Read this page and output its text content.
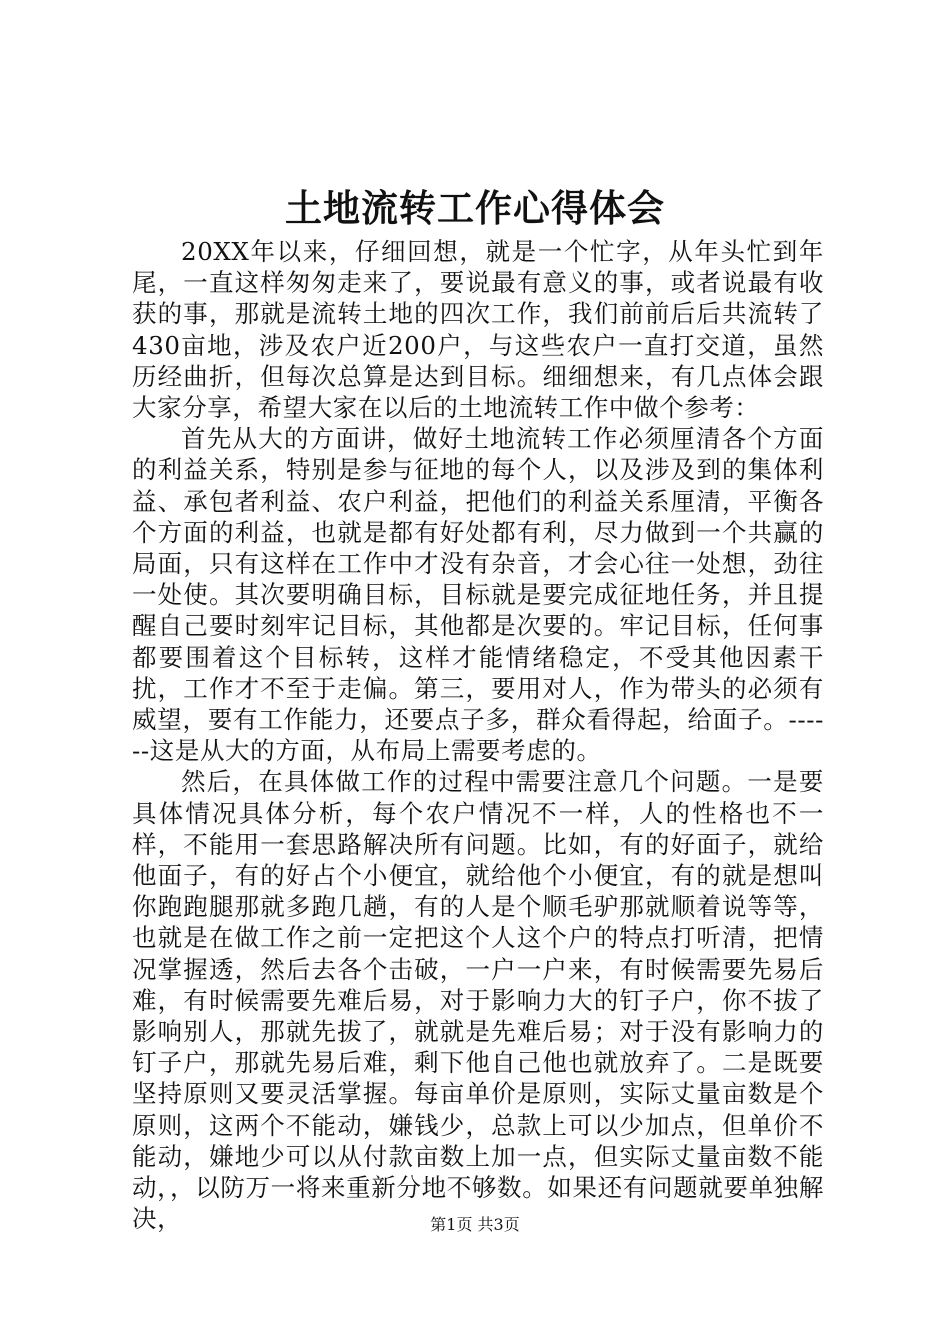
土地流转工作心得体会

20XX年以来，仔细回想，就是一个忙字，从年头忙到年尾，一直这样匆匆走来了，要说最有意义的事，或者说最有收获的事，那就是流转土地的四次工作，我们前前后后共流转了430亩地，涉及农户近200户，与这些农户一直打交道，虽然历经曲折，但每次总算是达到目标。细细想来，有几点体会跟大家分享，希望大家在以后的土地流转工作中做个参考：

首先从大的方面讲，做好土地流转工作必须厘清各个方面的利益关系，特别是参与征地的每个人，以及涉及到的集体利益、承包者利益、农户利益，把他们的利益关系厘清，平衡各个方面的利益，也就是都有好处都有利，尽力做到一个共赢的局面，只有这样在工作中才没有杂音，才会心往一处想，劲往一处使。其次要明确目标，目标就是要完成征地任务，并且提醒自己要时刻牢记目标，其他都是次要的。牢记目标，任何事都要围着这个目标转，这样才能情绪稳定，不受其他因素干扰，工作才不至于走偏。第三，要用对人，作为带头的必须有威望，要有工作能力，还要点子多，群众看得起，给面子。------这是从大的方面，从布局上需要考虑的。

然后，在具体做工作的过程中需要注意几个问题。一是要具体情况具体分析，每个农户情况不一样，人的性格也不一样，不能用一套思路解决所有问题。比如，有的好面子，就给他面子，有的好占个小便宜，就给他个小便宜，有的就是想叫你跑跑腿那就多跑几趟，有的人是个顺毛驴那就顺着说等等，也就是在做工作之前一定把这个人这个户的特点打听清，把情况掌握透，然后去各个击破，一户一户来，有时候需要先易后难，有时候需要先难后易，对于影响力大的钉子户，你不拔了影响别人，那就先拔了，就就是先难后易；对于没有影响力的钉子户，那就先易后难，剩下他自己他也就放弃了。二是既要坚持原则又要灵活掌握。每亩单价是原则，实际丈量亩数是个原则，这两个不能动，嫌钱少，总款上可以少加点，但单价不能动，嫌地少可以从付款亩数上加一点，但实际丈量亩数不能动，，以防万一将来重新分地不够数。如果还有问题就要单独解决，	第1页 共3页
